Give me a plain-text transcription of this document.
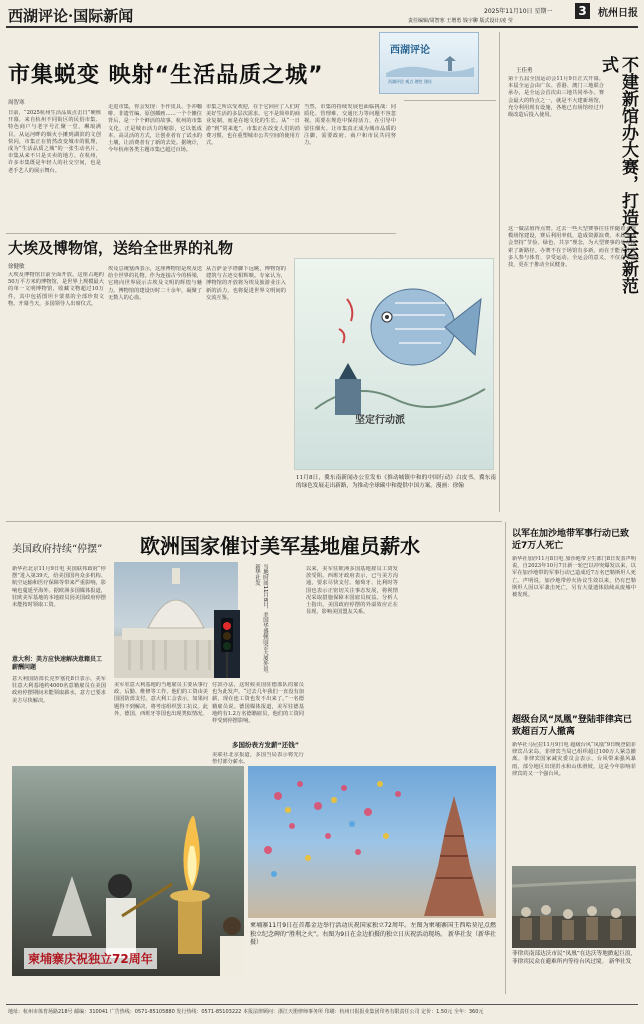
西湖评论·国际新闻	2025年11月10日 星期一 3	杭州日报
责任编辑/周智寒 王增勇 钱宇聊 版式设计/凌 莹
市集蜕变 映射“生活品质之城”
周智寒
日前，“2025杭州生活品质点击日”硬核开幕，来自杭州不同街区的民俗市集、特色商户与老字号汇聚一堂，琳琅满目。从运河畔的烟火小摊到湖滨的文创快闪，市集正在悄然改变城市的肌理，成为“生活品质之城”的一张生动名片。市集从来不只是买卖的地方。在杭州，许多市集既是年轻人的社交空间，也是老手艺人的展示舞台。
走进市集，你会发现：手作皮具、手冲咖啡、非遗竹编、原创插画……一个个摊位背后，是一个个鲜活的故事。杭州的市集文化，正是城市活力的缩影，它以低成本、高灵活的方式，让创业者有了试水的土壤，让消费者有了新的去处。据统计，今年杭州各类主题市集已超过百场。
市集之所以受欢迎，在于它回应了人们对美好生活的多层次需求。它不是简单的商业复制，而是在地文化的生长。从“一日游”到“常来逛”，市集正在改变人们的消费习惯，也在重塑城市公共空间的使用方式。
当然，市集的持续发展也面临挑战：同质化、管理难、交通压力等问题不容忽视。需要在规范中保持活力，在引导中留住烟火。让市集真正成为城市品质的注脚，需要政府、商户和市民共同努力。
西湖评论
西湖评论 观点 理性 建设
王佳勇	不建新馆办大赛，打造全运新范式
第十五届全国运动会11月9日正式开幕。本届全运会由广东、香港、澳门三地联合承办，是全运会首次由三地共同举办。赛会最大的特点之一，就是不大建新场馆，充分利用现有设施，各地已有场馆经过升级改造后投入使用。
这一做法值得点赞。过去一些大型赛事往往伴随着大规模场馆建设，赛后利用率低，造成资源浪费。本届全运会坚持“节俭、绿色、共享”理念，为大型赛事的举办探索了新路径。办赛不在于场馆有多新，而在于能否让更多人参与体育、享受运动。全运会的意义，不仅在于竞技，更在于推动全民健身。
大埃及博物馆，送给全世界的礼物
徐健敏
大埃及博物馆日前全面开放。这座占地约50万平方米的博物馆，是世界上规模最大的单一文明博物馆，收藏文物超过10万件，其中包括图坦卡蒙墓的全部珍贵文物。开幕当天，多国领导人出席仪式。
埃及总统塞西表示，这座博物馆是埃及送给全世界的礼物。作为连接古今的桥梁，它将向世界展示古埃及文明的辉煌与魅力。博物馆的建设历时二十余年，凝聚了无数人的心血。
从吉萨金字塔脚下远眺，博物馆的建筑与古迹交相辉映。专家认为，博物馆的开放将为埃及旅游业注入新的活力，也将促进世界文明间的交流互鉴。
坚定行动派
11月8日，冀东南新闻办公室发布《推动城镇中和的中国行动》白皮书。冀东南的绿色发展走出新路，为推动全球碳中和提供中国方案。漫画：徐翰
美国政府持续“停摆” 欧洲国家催讨美军基地雇员薪水
新华社北京11月9日电 美国联邦政府“停摆”进入第39天，给美国国内众多机构、航空运输和医疗保障等带来严重影响，影响也蔓延至海外。据欧洲多国媒体报道，驻欧美军基地的本地雇员因美国政府停摆未能按时领取工资。
意大利：美方应快速解决意籍员工薪酬问题
意大利国防部长克罗塞托8日表示，美军驻意大利基地约4000名意籍雇员在美国政府停摆期间未能领取薪水，意方已要求美方尽快解决。
当地时间11月8日，美国华盛顿国会大厦外景。新华社发
美军驻意大利基地的当地雇员主要从事行政、后勤、维修等工作，他们的工资由美国国防部支付。意大利工会表示，如果问题得不到解决，将考虑组织罢工抗议。此外，德国、西班牙等国也出现类似情况。
付款办法，这时候美国驻德部队的雇员也为此发声。“过去几年我们一直没有加薪，现在连工资也发不出来了。”一名德籍雇员说。德国媒体报道，美军驻德基地约有1.2万名德籍雇员，他们的工资同样受到停摆影响。
多国纷表方发薪“还钱”
美联社北京报道，多国当局表示将先行垫付部分薪水。
以来，美军驻欧洲多国基地雇员工资发放受阻。西班牙政府表示，已与美方沟通，要求尽快支付。葡萄牙、比利时等国也表示正密切关注事态发展，将视情况采取措施保障本国雇员权益。分析人士指出，美国政府停摆的外溢效应正在显现，影响美国盟友关系。
柬埔寨庆祝独立72周年
柬埔寨11月9日在首都金边举行活动庆祝国家独立72周年。左图为柬埔寨国王西哈莫尼点燃独立纪念碑的“胜利之火”。右图为9日在金边拍摄的独立日庆祝活动现场。 新华社发（新华社 摄）
以军在加沙地带军事行动已致近7万人死亡
新华社加沙11月8日电 加沙地带卫生部门8日发表声明说，自2023年10月7日新一轮巴以冲突爆发以来，以军在加沙地带的军事行动已造成近7万名巴勒斯坦人死亡。声明说，加沙地带停火协议生效以来，仍有巴勒斯坦人因以军袭击死亡，另有大量遗体陆续从废墟中被发现。
超级台风“凤凰”登陆菲律宾已致超百万人撤离
新华社马尼拉11月9日电 超级台风“凤凰”9日晚登陆菲律宾吕宋岛，菲律宾当局已组织超过100万人紧急撤离。菲律宾国家减灾委员会表示，台风带来强风暴雨，部分地区出现洪水和山体滑坡。这是今年影响菲律宾的又一个强台风。
菲律宾南部达沃市民“凤凰”在达沃等地掀起巨浪，菲律宾民众在避难所内等待台风过境。 新华社发
地址：杭州市体育场路218号 邮编：310041 广告热线：0571-85105880 发行热线：0571-85103222 本报法律顾问：浙江天册律师事务所 印刷：杭州日报报业集团印务有限责任公司 定价：1.50元 全年：360元
